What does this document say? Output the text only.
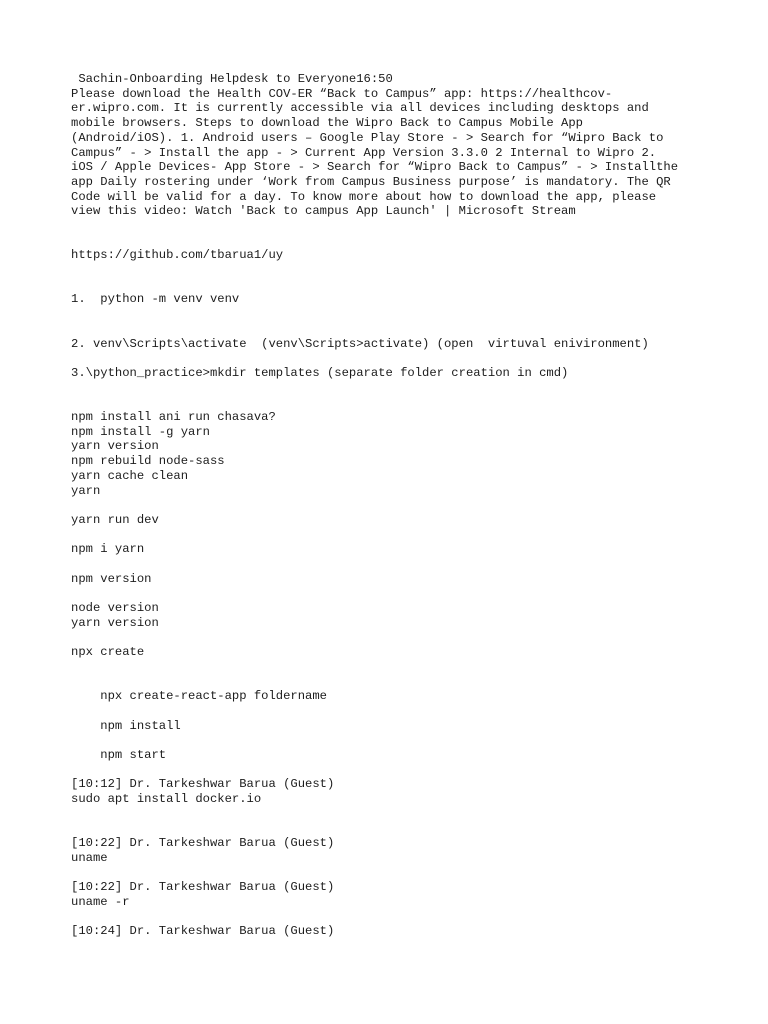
Sachin-Onboarding Helpdesk to Everyone16:50
Please download the Health COV-ER “Back to Campus” app: https://healthcov-
er.wipro.com. It is currently accessible via all devices including desktops and
mobile browsers. Steps to download the Wipro Back to Campus Mobile App
(Android/iOS). 1. Android users – Google Play Store - > Search for “Wipro Back to
Campus” - > Install the app - > Current App Version 3.3.0 2 Internal to Wipro 2.
iOS / Apple Devices- App Store - > Search for “Wipro Back to Campus” - > Installthe
app Daily rostering under ‘Work from Campus Business purpose’ is mandatory. The QR
Code will be valid for a day. To know more about how to download the app, please
view this video: Watch 'Back to campus App Launch' | Microsoft Stream
https://github.com/tbarua1/uy
1.  python -m venv venv
2. venv\Scripts\activate  (venv\Scripts>activate) (open  virtuval enivironment)
3.\python_practice>mkdir templates (separate folder creation in cmd)
npm install ani run chasava?
npm install -g yarn
yarn version
npm rebuild node-sass
yarn cache clean
yarn
yarn run dev
npm i yarn
npm version
node version
yarn version
npx create
npx create-react-app foldername
npm install
npm start
[10:12] Dr. Tarkeshwar Barua (Guest)
sudo apt install docker.io
[10:22] Dr. Tarkeshwar Barua (Guest)
uname
[10:22] Dr. Tarkeshwar Barua (Guest)
uname -r
[10:24] Dr. Tarkeshwar Barua (Guest)
